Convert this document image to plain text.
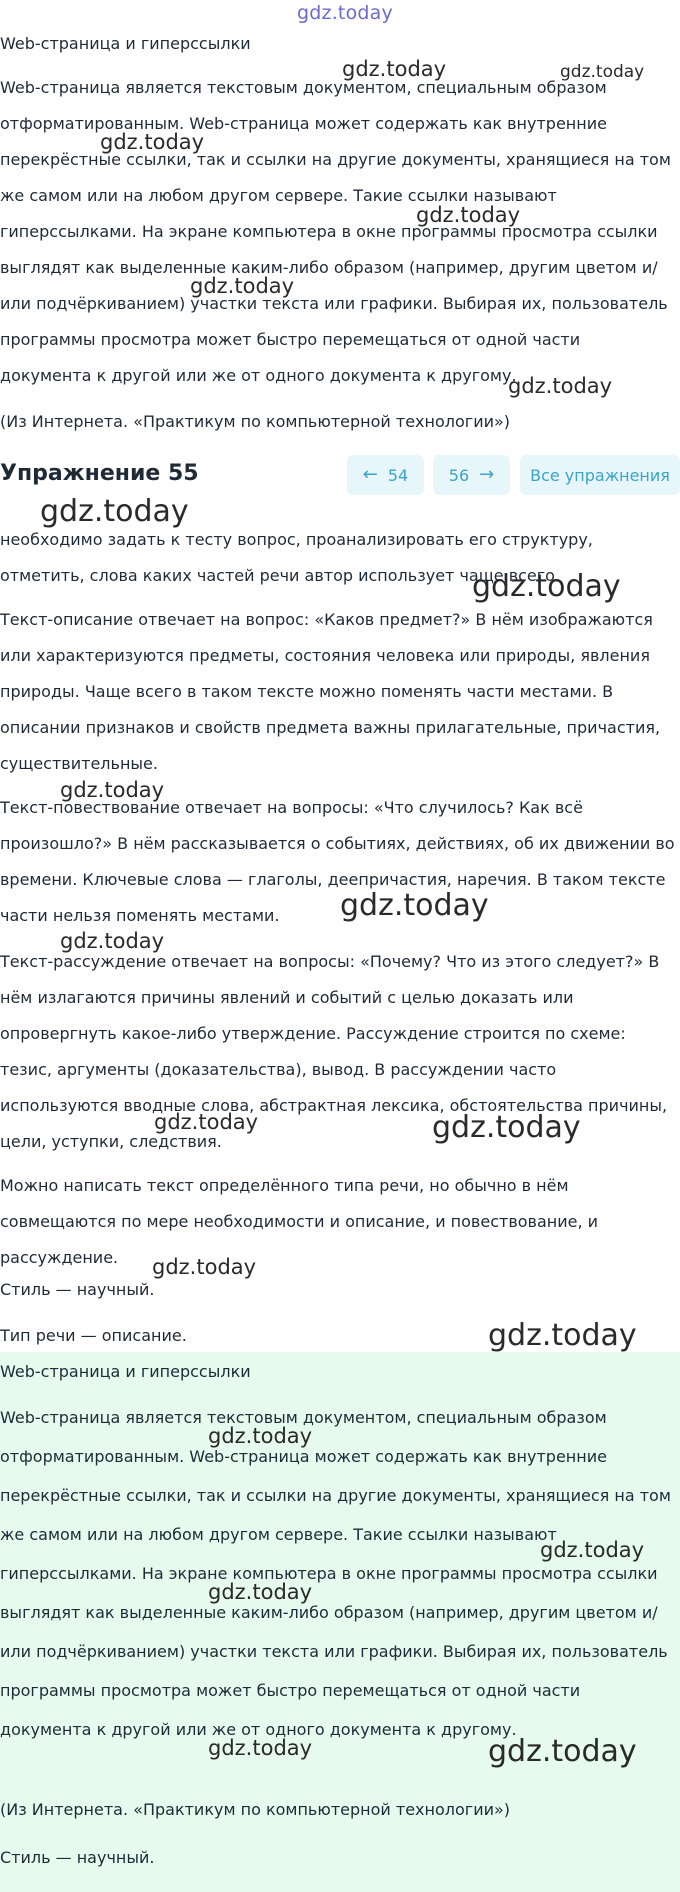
gdz.today

Web-страница и гиперссылки

Web-страница является текстовым документом, специальным образом отформатированным. Web-страница может содержать как внутренние перекрёстные ссылки, так и ссылки на другие документы, хранящиеся на том же самом или на любом другом сервере. Такие ссылки называют гиперссылками. На экране компьютера в окне программы просмотра ссылки выглядят как выделенные каким-либо образом (например, другим цветом и/или подчёркиванием) участки текста или графики. Выбирая их, пользователь программы просмотра может быстро перемещаться от одной части документа к другой или же от одного документа к другому.

(Из Интернета. «Практикум по компьютерной технологии»)

Упражнение 55	← 54	56 → Все упражнения

необходимо задать к тесту вопрос, проанализировать его структуру, отметить, слова каких частей речи автор использует чаще всего.

Текст-описание отвечает на вопрос: «Каков предмет?» В нём изображаются или характеризуются предметы, состояния человека или природы, явления природы. Чаще всего в таком тексте можно поменять части местами. В описании признаков и свойств предмета важны прилагательные, причастия, существительные.

Текст-повествование отвечает на вопросы: «Что случилось? Как всё произошло?» В нём рассказывается о событиях, действиях, об их движении во времени. Ключевые слова — глаголы, деепричастия, наречия. В таком тексте части нельзя поменять местами.

Текст-рассуждение отвечает на вопросы: «Почему? Что из этого следует?» В нём излагаются причины явлений и событий с целью доказать или опровергнуть какое-либо утверждение. Рассуждение строится по схеме: тезис, аргументы (доказательства), вывод. В рассуждении часто используются вводные слова, абстрактная лексика, обстоятельства причины, цели, уступки, следствия.

Можно написать текст определённого типа речи, но обычно в нём совмещаются по мере необходимости и описание, и повествование, и рассуждение.

Стиль — научный.

Тип речи — описание.

Web-страница и гиперссылки

Web-страница является текстовым документом, специальным образом отформатированным. Web-страница может содержать как внутренние перекрёстные ссылки, так и ссылки на другие документы, хранящиеся на том же самом или на любом другом сервере. Такие ссылки называют гиперссылками. На экране компьютера в окне программы просмотра ссылки выглядят как выделенные каким-либо образом (например, другим цветом и/или подчёркиванием) участки текста или графики. Выбирая их, пользователь программы просмотра может быстро перемещаться от одной части документа к другой или же от одного документа к другому.

(Из Интернета. «Практикум по компьютерной технологии»)

Стиль — научный.

gdz.today	gdz.today
gdz.today
gdz.today
gdz.today
gdz.today
gdz.today
gdz.today
gdz.today
gdz.today
gdz.today
gdz.today	gdz.today
gdz.today
gdz.today
gdz.today
gdz.today
gdz.today
gdz.today	gdz.today
